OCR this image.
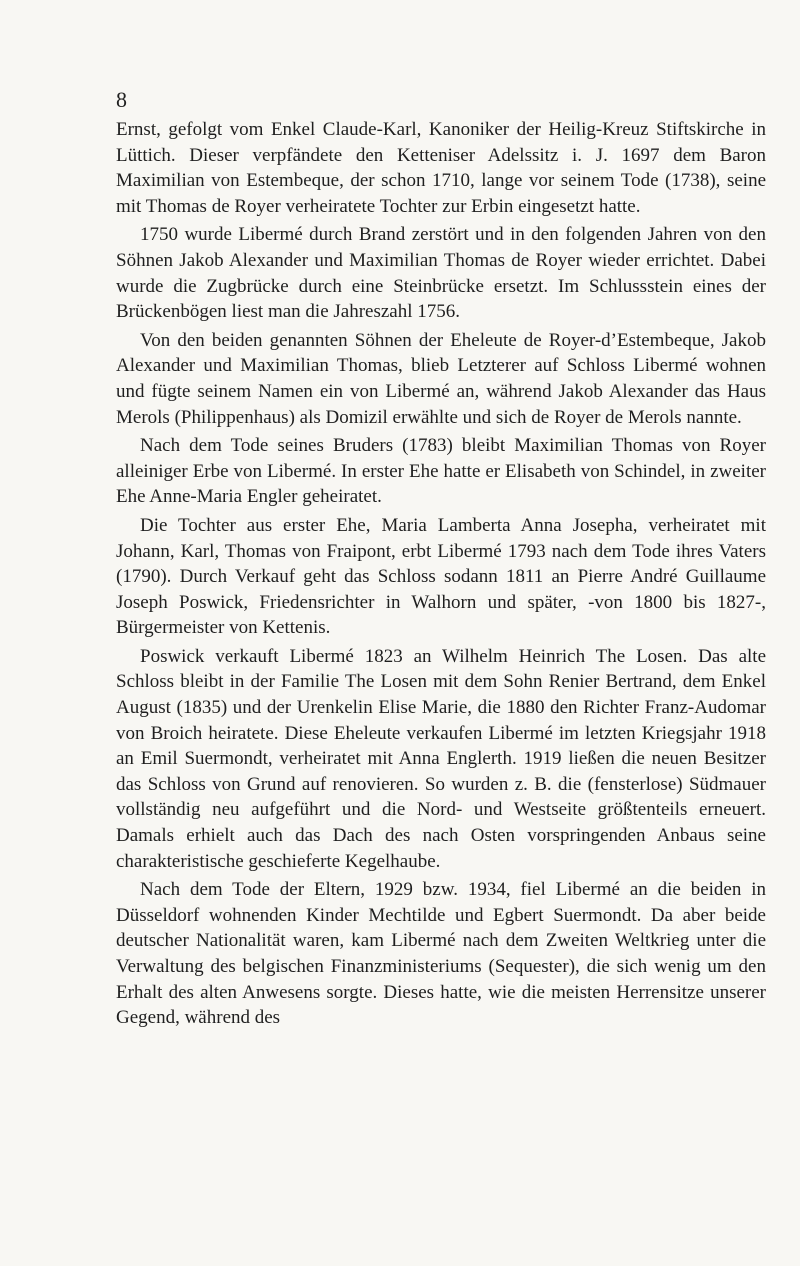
8

Ernst, gefolgt vom Enkel Claude-Karl, Kanoniker der Heilig-Kreuz Stiftskirche in Lüttich. Dieser verpfändete den Ketteniser Adelssitz i. J. 1697 dem Baron Maximilian von Estembeque, der schon 1710, lange vor seinem Tode (1738), seine mit Thomas de Royer verheiratete Tochter zur Erbin eingesetzt hatte.

1750 wurde Libermé durch Brand zerstört und in den folgenden Jahren von den Söhnen Jakob Alexander und Maximilian Thomas de Royer wieder errichtet. Dabei wurde die Zugbrücke durch eine Steinbrücke ersetzt. Im Schlussstein eines der Brückenbögen liest man die Jahreszahl 1756.

Von den beiden genannten Söhnen der Eheleute de Royer-d’Estembeque, Jakob Alexander und Maximilian Thomas, blieb Letzterer auf Schloss Libermé wohnen und fügte seinem Namen ein von Libermé an, während Jakob Alexander das Haus Merols (Philippenhaus) als Domizil erwählte und sich de Royer de Merols nannte.

Nach dem Tode seines Bruders (1783) bleibt Maximilian Thomas von Royer alleiniger Erbe von Libermé. In erster Ehe hatte er Elisabeth von Schindel, in zweiter Ehe Anne-Maria Engler geheiratet.

Die Tochter aus erster Ehe, Maria Lamberta Anna Josepha, verheiratet mit Johann, Karl, Thomas von Fraipont, erbt Libermé 1793 nach dem Tode ihres Vaters (1790). Durch Verkauf geht das Schloss sodann 1811 an Pierre André Guillaume Joseph Poswick, Friedensrichter in Walhorn und später, -von 1800 bis 1827-, Bürgermeister von Kettenis.

Poswick verkauft Libermé 1823 an Wilhelm Heinrich The Losen. Das alte Schloss bleibt in der Familie The Losen mit dem Sohn Renier Bertrand, dem Enkel August (1835) und der Urenkelin Elise Marie, die 1880 den Richter Franz-Audomar von Broich heiratete. Diese Eheleute verkaufen Libermé im letzten Kriegsjahr 1918 an Emil Suermondt, verheiratet mit Anna Englerth. 1919 ließen die neuen Besitzer das Schloss von Grund auf renovieren. So wurden z. B. die (fensterlose) Südmauer vollständig neu aufgeführt und die Nord- und Westseite größtenteils erneuert. Damals erhielt auch das Dach des nach Osten vorspringenden Anbaus seine charakteristische geschieferte Kegelhaube.

Nach dem Tode der Eltern, 1929 bzw. 1934, fiel Libermé an die beiden in Düsseldorf wohnenden Kinder Mechtilde und Egbert Suermondt. Da aber beide deutscher Nationalität waren, kam Libermé nach dem Zweiten Weltkrieg unter die Verwaltung des belgischen Finanzministeriums (Sequester), die sich wenig um den Erhalt des alten Anwesens sorgte. Dieses hatte, wie die meisten Herrensitze unserer Gegend, während des
